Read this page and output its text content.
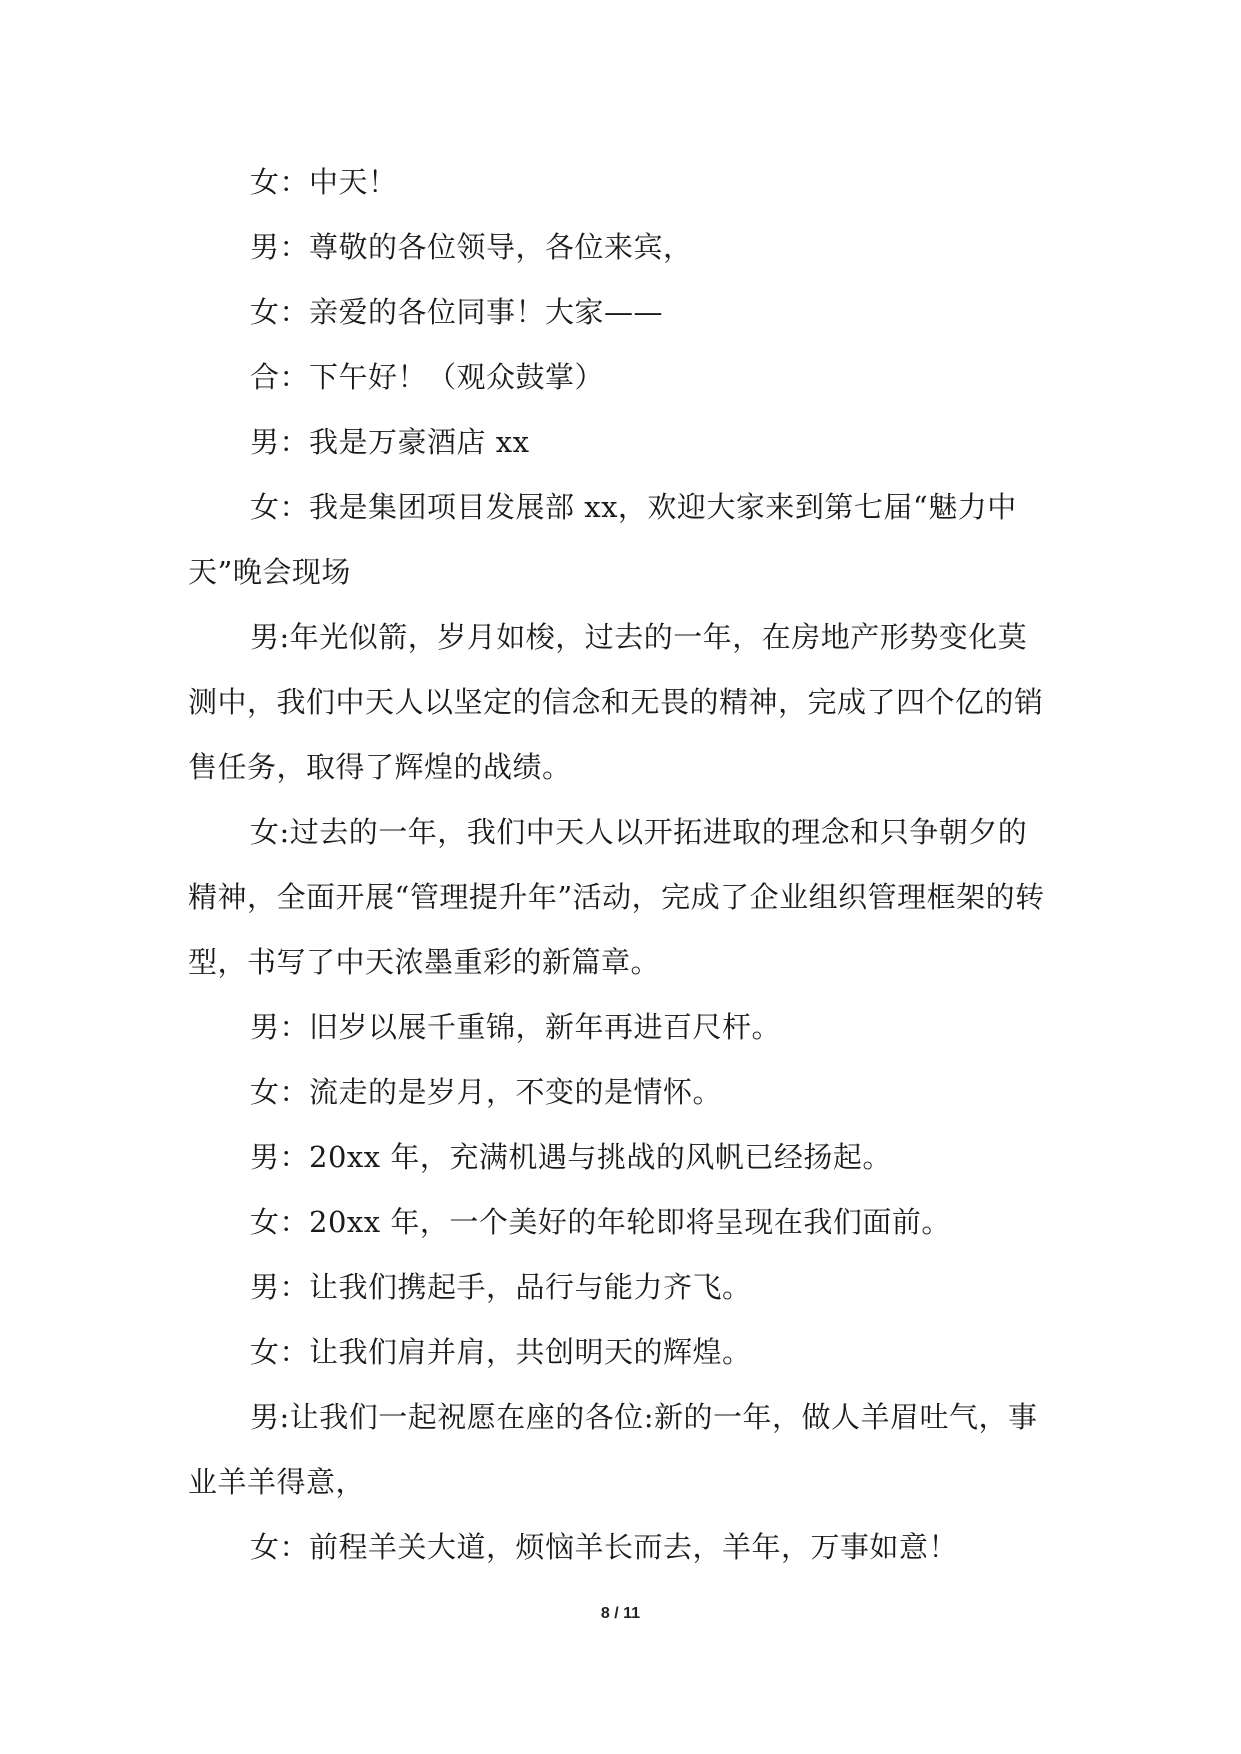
女：中天！

男：尊敬的各位领导，各位来宾，

女：亲爱的各位同事！大家——

合：下午好！（观众鼓掌）

男：我是万豪酒店 xx

女：我是集团项目发展部 xx，欢迎大家来到第七届“魅力中天”晚会现场

男:年光似箭，岁月如梭，过去的一年，在房地产形势变化莫测中，我们中天人以坚定的信念和无畏的精神，完成了四个亿的销售任务，取得了辉煌的战绩。

女:过去的一年，我们中天人以开拓进取的理念和只争朝夕的精神，全面开展“管理提升年”活动，完成了企业组织管理框架的转型，书写了中天浓墨重彩的新篇章。

男：旧岁以展千重锦，新年再进百尺杆。

女：流走的是岁月，不变的是情怀。

男：20xx 年，充满机遇与挑战的风帆已经扬起。

女：20xx 年，一个美好的年轮即将呈现在我们面前。

男：让我们携起手，品行与能力齐飞。

女：让我们肩并肩，共创明天的辉煌。

男:让我们一起祝愿在座的各位:新的一年，做人羊眉吐气，事业羊羊得意，

女：前程羊关大道，烦恼羊长而去，羊年，万事如意！

8 / 11
